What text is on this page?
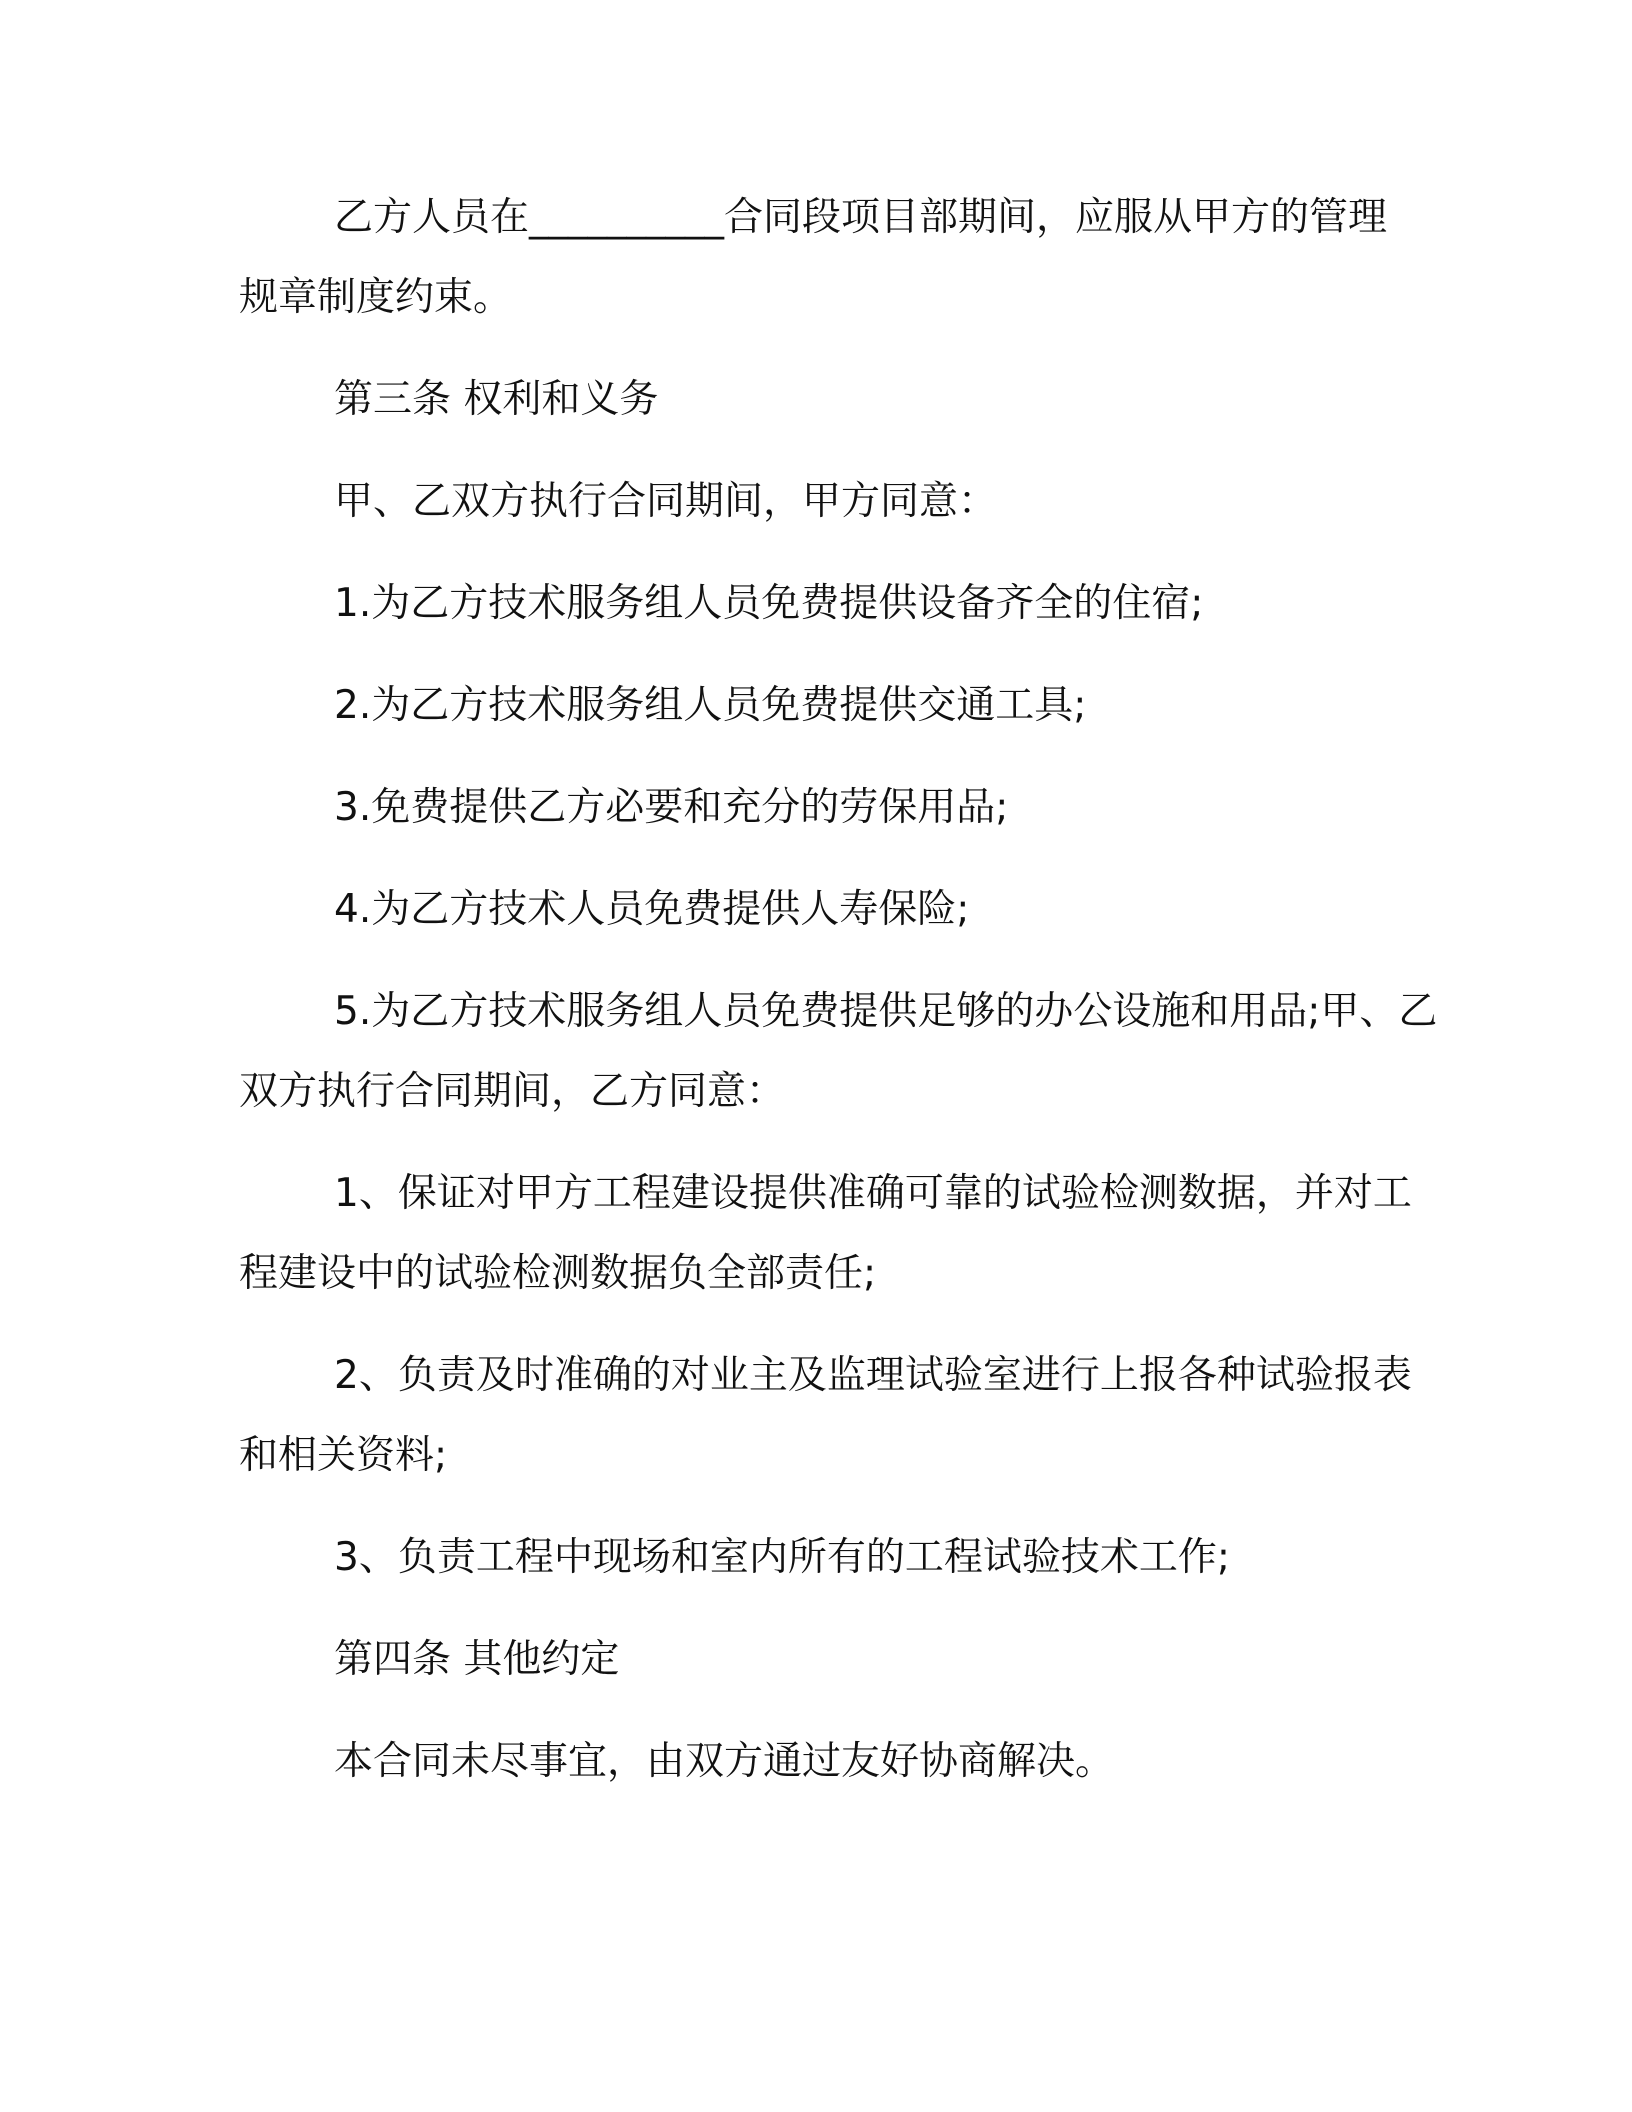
乙方人员在__________合同段项目部期间，应服从甲方的管理
规章制度约束。
第三条 权利和义务
甲、乙双方执行合同期间，甲方同意：
1.为乙方技术服务组人员免费提供设备齐全的住宿;
2.为乙方技术服务组人员免费提供交通工具;
3.免费提供乙方必要和充分的劳保用品;
4.为乙方技术人员免费提供人寿保险;
5.为乙方技术服务组人员免费提供足够的办公设施和用品;甲、乙
双方执行合同期间，乙方同意：
1、保证对甲方工程建设提供准确可靠的试验检测数据，并对工
程建设中的试验检测数据负全部责任;
2、负责及时准确的对业主及监理试验室进行上报各种试验报表
和相关资料;
3、负责工程中现场和室内所有的工程试验技术工作;
第四条 其他约定
本合同未尽事宜，由双方通过友好协商解决。
